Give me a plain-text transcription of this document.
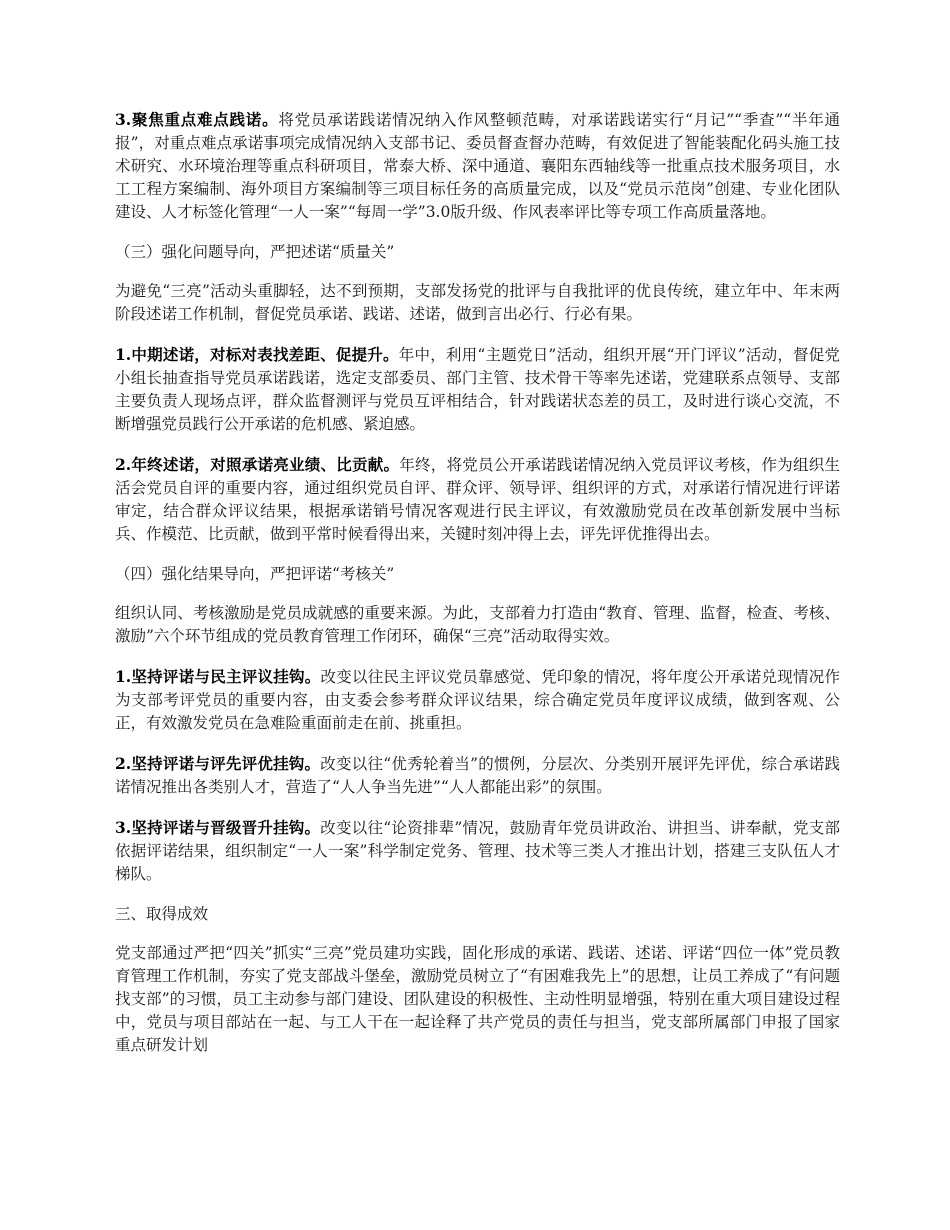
3.聚焦重点难点践诺。将党员承诺践诺情况纳入作风整顿范畴，对承诺践诺实行“月记”“季查”“半年通报”，对重点难点承诺事项完成情况纳入支部书记、委员督查督办范畴，有效促进了智能装配化码头施工技术研究、水环境治理等重点科研项目，常泰大桥、深中通道、襄阳东西轴线等一批重点技术服务项目，水工工程方案编制、海外项目方案编制等三项目标任务的高质量完成，以及“党员示范岗”创建、专业化团队建设、人才标签化管理“一人一案”“每周一学”3.0版升级、作风表率评比等专项工作高质量落地。

（三）强化问题导向，严把述诺“质量关”

为避免“三亮”活动头重脚轻，达不到预期，支部发扬党的批评与自我批评的优良传统，建立年中、年末两阶段述诺工作机制，督促党员承诺、践诺、述诺，做到言出必行、行必有果。

1.中期述诺，对标对表找差距、促提升。年中，利用“主题党日”活动，组织开展“开门评议”活动，督促党小组长抽查指导党员承诺践诺，选定支部委员、部门主管、技术骨干等率先述诺，党建联系点领导、支部主要负责人现场点评，群众监督测评与党员互评相结合，针对践诺状态差的员工，及时进行谈心交流，不断增强党员践行公开承诺的危机感、紧迫感。

2.年终述诺，对照承诺亮业绩、比贡献。年终，将党员公开承诺践诺情况纳入党员评议考核，作为组织生活会党员自评的重要内容，通过组织党员自评、群众评、领导评、组织评的方式，对承诺行情况进行评诺审定，结合群众评议结果，根据承诺销号情况客观进行民主评议，有效激励党员在改革创新发展中当标兵、作模范、比贡献，做到平常时候看得出来，关键时刻冲得上去，评先评优推得出去。

（四）强化结果导向，严把评诺“考核关”

组织认同、考核激励是党员成就感的重要来源。为此，支部着力打造由“教育、管理、监督，检查、考核、激励”六个环节组成的党员教育管理工作闭环，确保“三亮”活动取得实效。

1.坚持评诺与民主评议挂钩。改变以往民主评议党员靠感觉、凭印象的情况，将年度公开承诺兑现情况作为支部考评党员的重要内容，由支委会参考群众评议结果，综合确定党员年度评议成绩，做到客观、公正，有效激发党员在急难险重面前走在前、挑重担。

2.坚持评诺与评先评优挂钩。改变以往“优秀轮着当”的惯例，分层次、分类别开展评先评优，综合承诺践诺情况推出各类别人才，营造了“人人争当先进”“人人都能出彩”的氛围。

3.坚持评诺与晋级晋升挂钩。改变以往“论资排辈”情况，鼓励青年党员讲政治、讲担当、讲奉献，党支部依据评诺结果，组织制定“一人一案”科学制定党务、管理、技术等三类人才推出计划，搭建三支队伍人才梯队。

三、取得成效

党支部通过严把“四关”抓实“三亮”党员建功实践，固化形成的承诺、践诺、述诺、评诺“四位一体”党员教育管理工作机制，夯实了党支部战斗堡垒，激励党员树立了“有困难我先上”的思想，让员工养成了“有问题找支部”的习惯，员工主动参与部门建设、团队建设的积极性、主动性明显增强，特别在重大项目建设过程中，党员与项目部站在一起、与工人干在一起诠释了共产党员的责任与担当，党支部所属部门申报了国家重点研发计划
